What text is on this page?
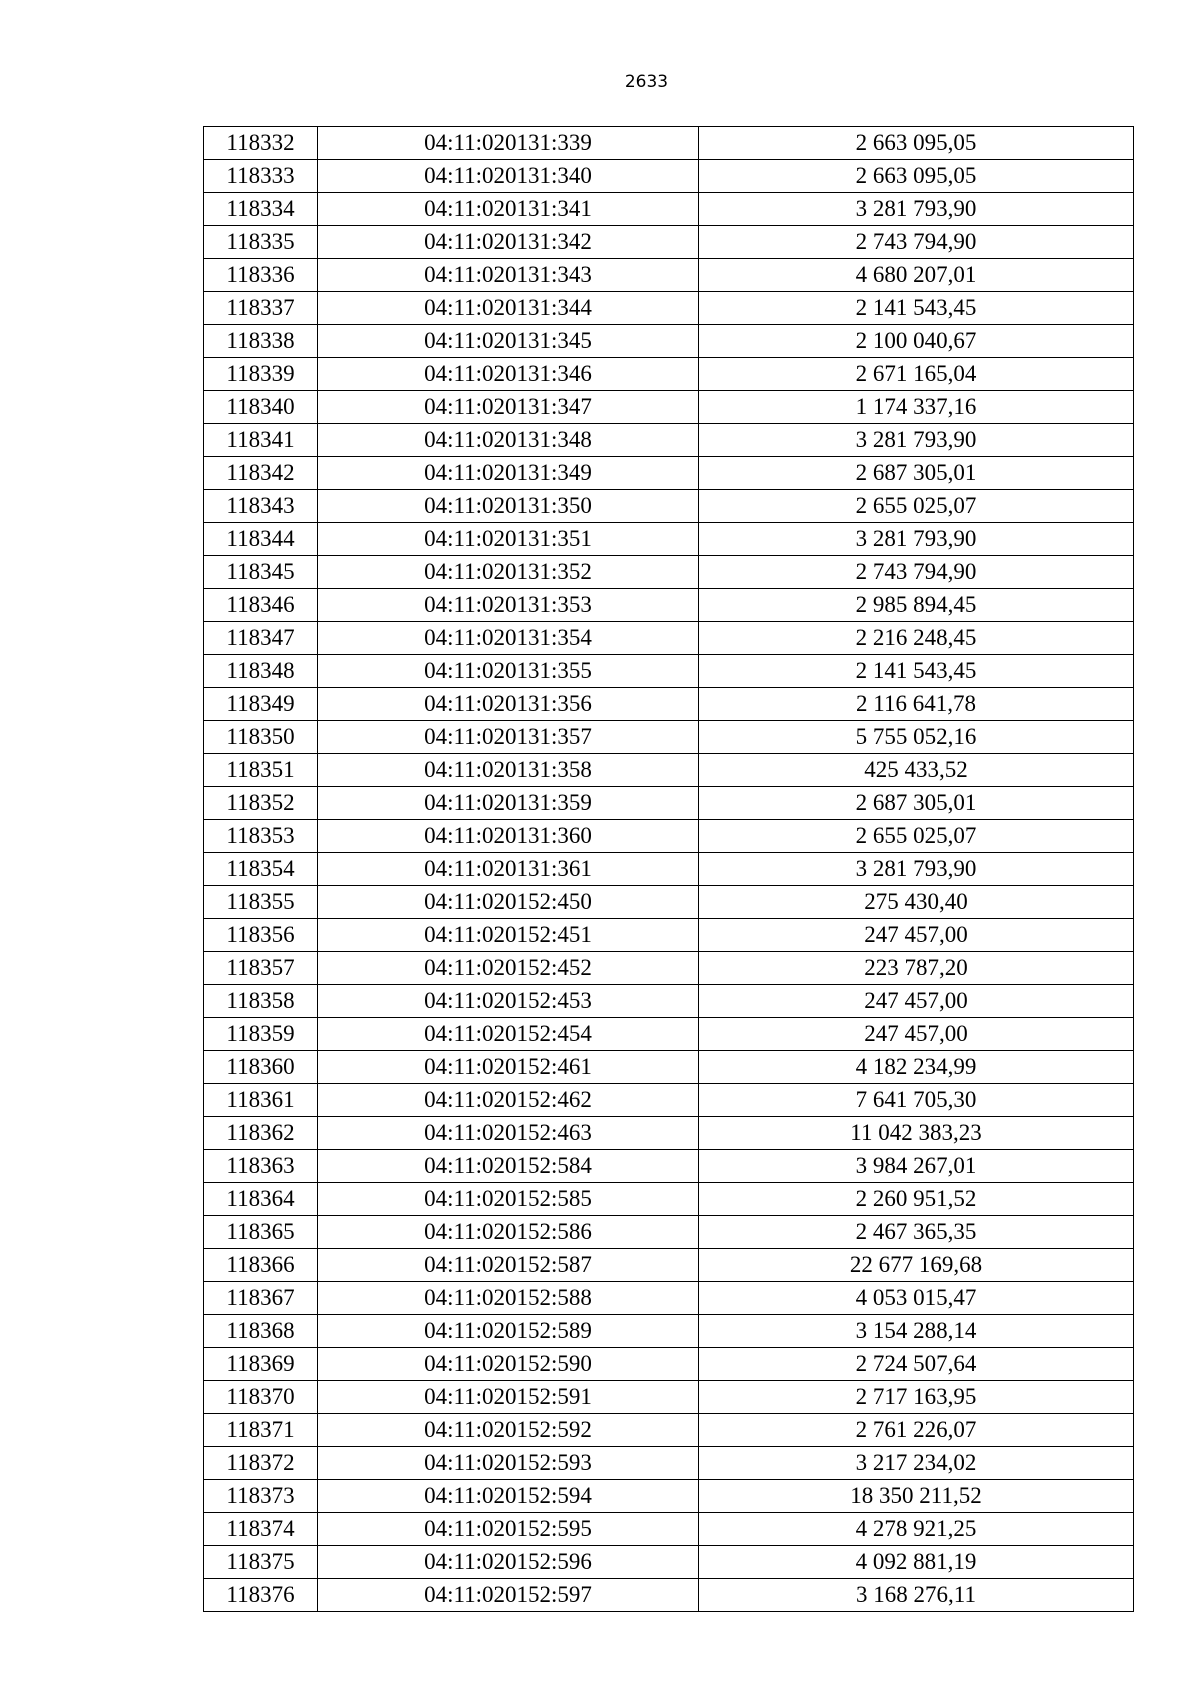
2633
118332	04:11:020131:339	2 663 095,05
118333	04:11:020131:340	2 663 095,05
118334	04:11:020131:341	3 281 793,90
118335	04:11:020131:342	2 743 794,90
118336	04:11:020131:343	4 680 207,01
118337	04:11:020131:344	2 141 543,45
118338	04:11:020131:345	2 100 040,67
118339	04:11:020131:346	2 671 165,04
118340	04:11:020131:347	1 174 337,16
118341	04:11:020131:348	3 281 793,90
118342	04:11:020131:349	2 687 305,01
118343	04:11:020131:350	2 655 025,07
118344	04:11:020131:351	3 281 793,90
118345	04:11:020131:352	2 743 794,90
118346	04:11:020131:353	2 985 894,45
118347	04:11:020131:354	2 216 248,45
118348	04:11:020131:355	2 141 543,45
118349	04:11:020131:356	2 116 641,78
118350	04:11:020131:357	5 755 052,16
118351	04:11:020131:358	425 433,52
118352	04:11:020131:359	2 687 305,01
118353	04:11:020131:360	2 655 025,07
118354	04:11:020131:361	3 281 793,90
118355	04:11:020152:450	275 430,40
118356	04:11:020152:451	247 457,00
118357	04:11:020152:452	223 787,20
118358	04:11:020152:453	247 457,00
118359	04:11:020152:454	247 457,00
118360	04:11:020152:461	4 182 234,99
118361	04:11:020152:462	7 641 705,30
118362	04:11:020152:463	11 042 383,23
118363	04:11:020152:584	3 984 267,01
118364	04:11:020152:585	2 260 951,52
118365	04:11:020152:586	2 467 365,35
118366	04:11:020152:587	22 677 169,68
118367	04:11:020152:588	4 053 015,47
118368	04:11:020152:589	3 154 288,14
118369	04:11:020152:590	2 724 507,64
118370	04:11:020152:591	2 717 163,95
118371	04:11:020152:592	2 761 226,07
118372	04:11:020152:593	3 217 234,02
118373	04:11:020152:594	18 350 211,52
118374	04:11:020152:595	4 278 921,25
118375	04:11:020152:596	4 092 881,19
118376	04:11:020152:597	3 168 276,11
